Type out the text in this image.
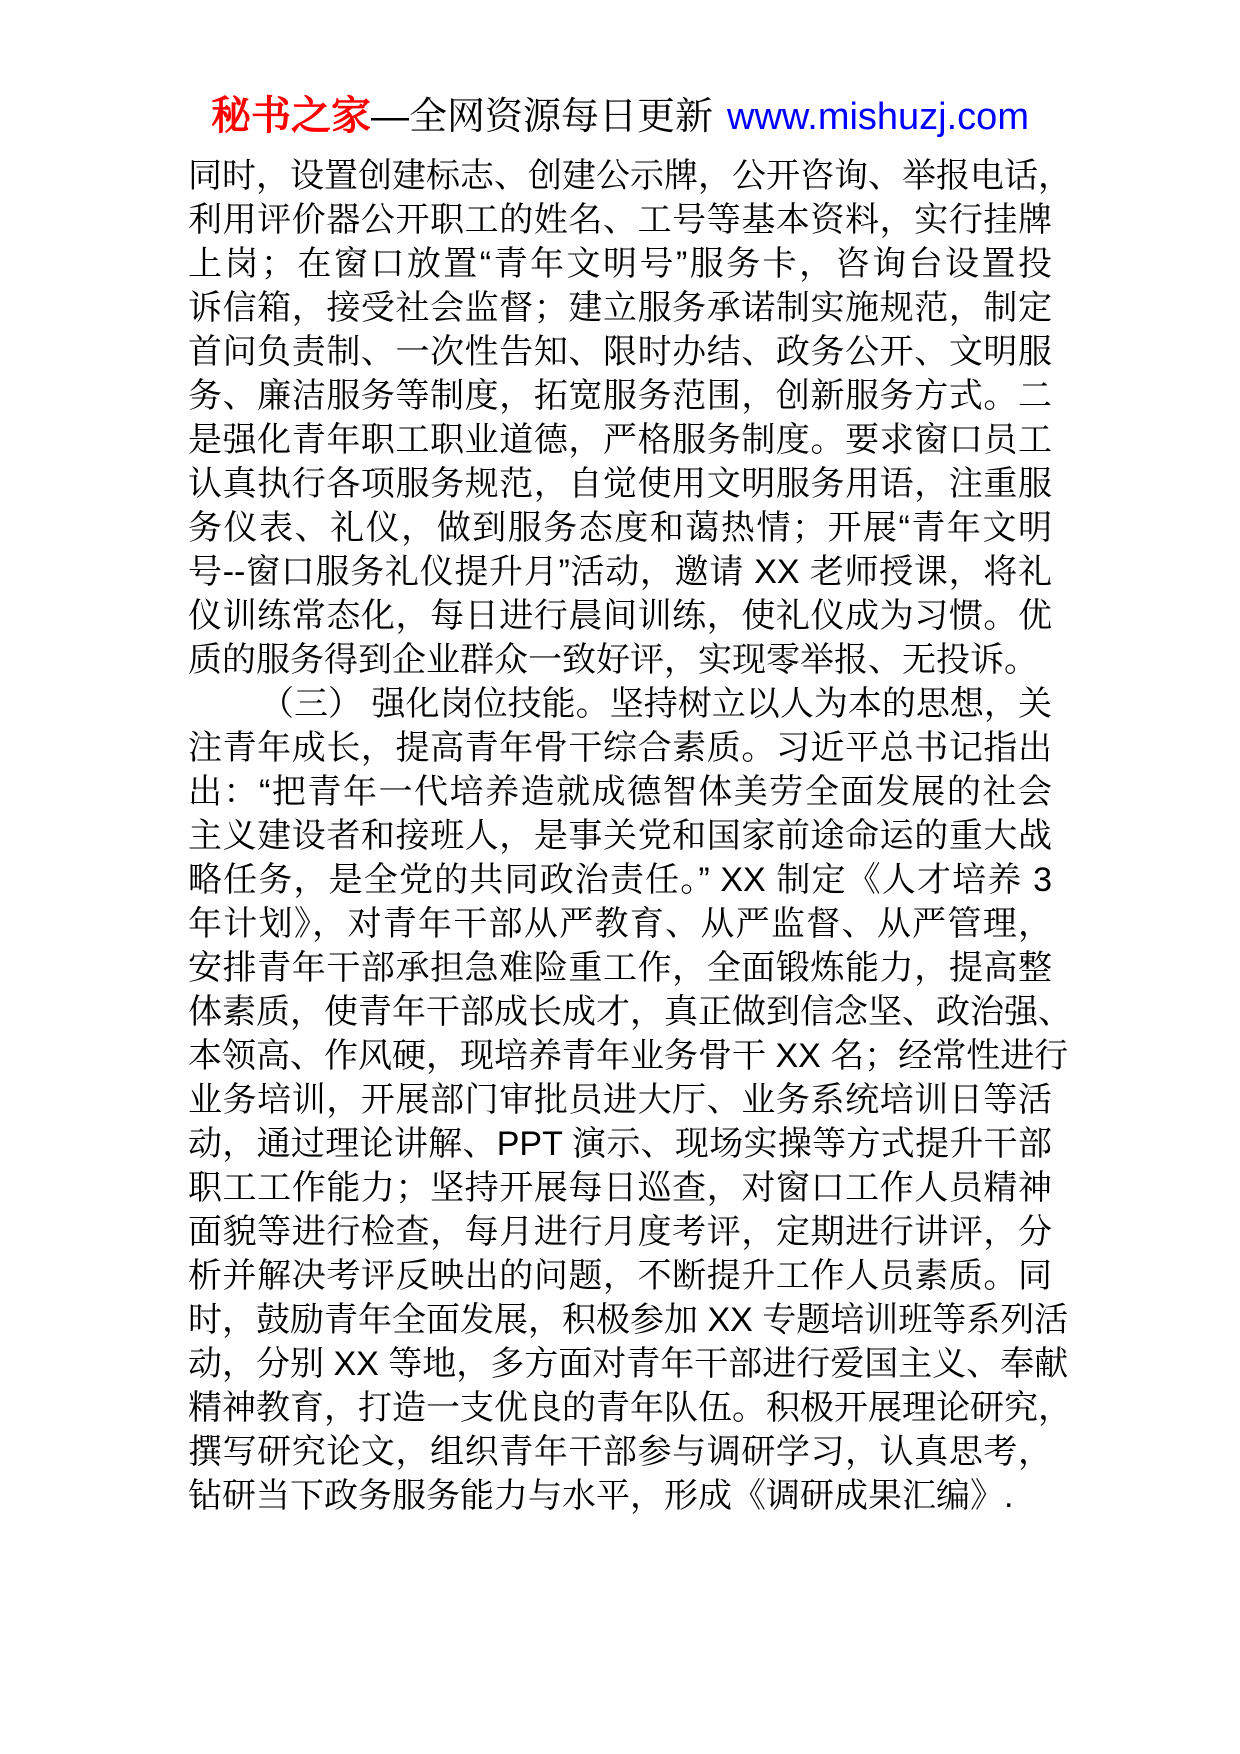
秘书之家—全网资源每日更新 www.mishuzj.com
同时，设置创建标志、创建公示牌，公开咨询、举报电话，
利用评价器公开职工的姓名、工号等基本资料，实行挂牌
上岗；在窗口放置“青年文明号”服务卡，咨询台设置投
诉信箱，接受社会监督；建立服务承诺制实施规范，制定
首问负责制、一次性告知、限时办结、政务公开、文明服
务、廉洁服务等制度，拓宽服务范围，创新服务方式。二
是强化青年职工职业道德，严格服务制度。要求窗口员工
认真执行各项服务规范，自觉使用文明服务用语，注重服
务仪表、礼仪，做到服务态度和蔼热情；开展“青年文明
号--窗口服务礼仪提升月”活动，邀请 XX 老师授课，将礼
仪训练常态化，每日进行晨间训练，使礼仪成为习惯。优
质的服务得到企业群众一致好评，实现零举报、无投诉。
（三） 强化岗位技能。坚持树立以人为本的思想，关
注青年成长，提高青年骨干综合素质。习近平总书记指出
出：“把青年一代培养造就成德智体美劳全面发展的社会
主义建设者和接班人，是事关党和国家前途命运的重大战
略任务，是全党的共同政治责任。” XX 制定《人才培养 3
年计划》，对青年干部从严教育、从严监督、从严管理，
安排青年干部承担急难险重工作，全面锻炼能力，提高整
体素质，使青年干部成长成才，真正做到信念坚、政治强、
本领高、作风硬，现培养青年业务骨干 XX 名；经常性进行
业务培训，开展部门审批员进大厅、业务系统培训日等活
动，通过理论讲解、PPT 演示、现场实操等方式提升干部
职工工作能力；坚持开展每日巡查，对窗口工作人员精神
面貌等进行检查，每月进行月度考评，定期进行讲评，分
析并解决考评反映出的问题，不断提升工作人员素质。同
时，鼓励青年全面发展，积极参加 XX 专题培训班等系列活
动，分别 XX 等地，多方面对青年干部进行爱国主义、奉献
精神教育，打造一支优良的青年队伍。积极开展理论研究，
撰写研究论文，组织青年干部参与调研学习，认真思考，
钻研当下政务服务能力与水平，形成《调研成果汇编》.
